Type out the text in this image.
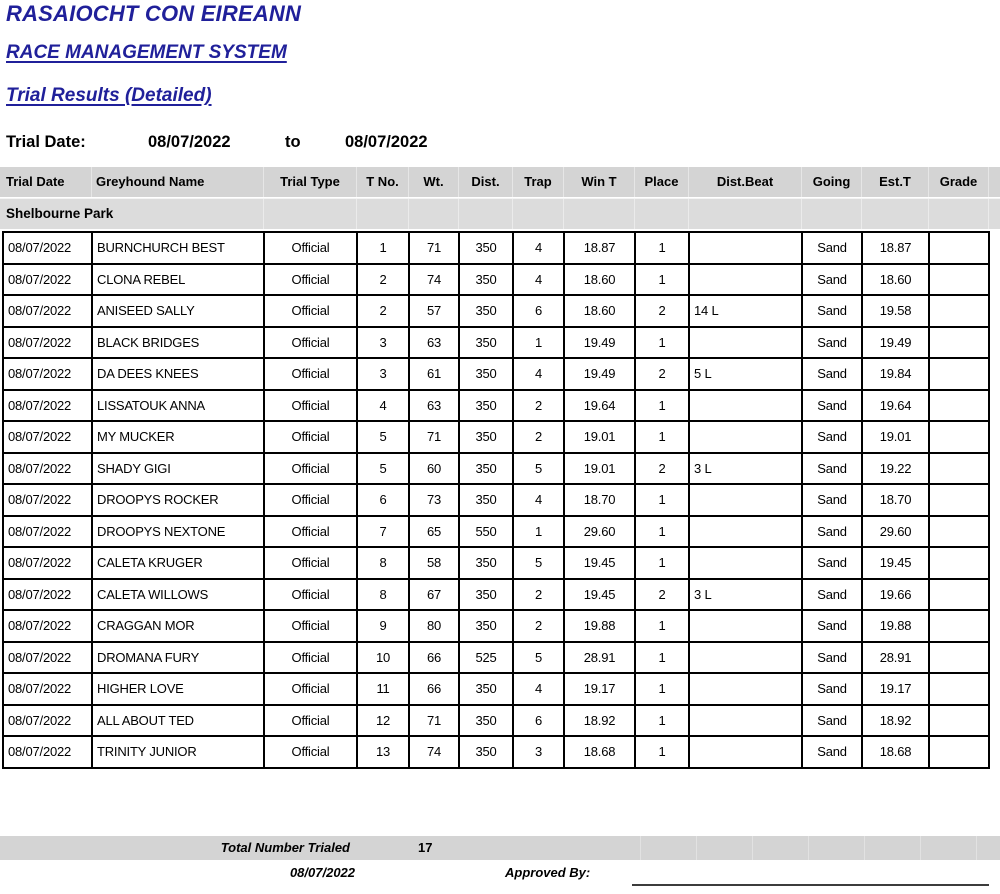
RASAIOCHT CON EIREANN
RACE MANAGEMENT SYSTEM
Trial Results (Detailed)
Trial Date:	08/07/2022	to	08/07/2022
Trial Date	Greyhound Name	Trial Type	T No.	Wt.	Dist.	Trap	Win T	Place	Dist.Beat	Going	Est.T	Grade
Shelbourne Park
08/07/2022	BURNCHURCH BEST	Official	1	71	350	4	18.87	1		Sand	18.87	
08/07/2022	CLONA REBEL	Official	2	74	350	4	18.60	1		Sand	18.60	
08/07/2022	ANISEED SALLY	Official	2	57	350	6	18.60	2	14 L	Sand	19.58	
08/07/2022	BLACK BRIDGES	Official	3	63	350	1	19.49	1		Sand	19.49	
08/07/2022	DA DEES KNEES	Official	3	61	350	4	19.49	2	5 L	Sand	19.84	
08/07/2022	LISSATOUK ANNA	Official	4	63	350	2	19.64	1		Sand	19.64	
08/07/2022	MY MUCKER	Official	5	71	350	2	19.01	1		Sand	19.01	
08/07/2022	SHADY GIGI	Official	5	60	350	5	19.01	2	3 L	Sand	19.22	
08/07/2022	DROOPYS ROCKER	Official	6	73	350	4	18.70	1		Sand	18.70	
08/07/2022	DROOPYS NEXTONE	Official	7	65	550	1	29.60	1		Sand	29.60	
08/07/2022	CALETA KRUGER	Official	8	58	350	5	19.45	1		Sand	19.45	
08/07/2022	CALETA WILLOWS	Official	8	67	350	2	19.45	2	3 L	Sand	19.66	
08/07/2022	CRAGGAN MOR	Official	9	80	350	2	19.88	1		Sand	19.88	
08/07/2022	DROMANA FURY	Official	10	66	525	5	28.91	1		Sand	28.91	
08/07/2022	HIGHER LOVE	Official	11	66	350	4	19.17	1		Sand	19.17	
08/07/2022	ALL ABOUT TED	Official	12	71	350	6	18.92	1		Sand	18.92	
08/07/2022	TRINITY JUNIOR	Official	13	74	350	3	18.68	1		Sand	18.68	
Total Number Trialed	17
08/07/2022	Approved By:
